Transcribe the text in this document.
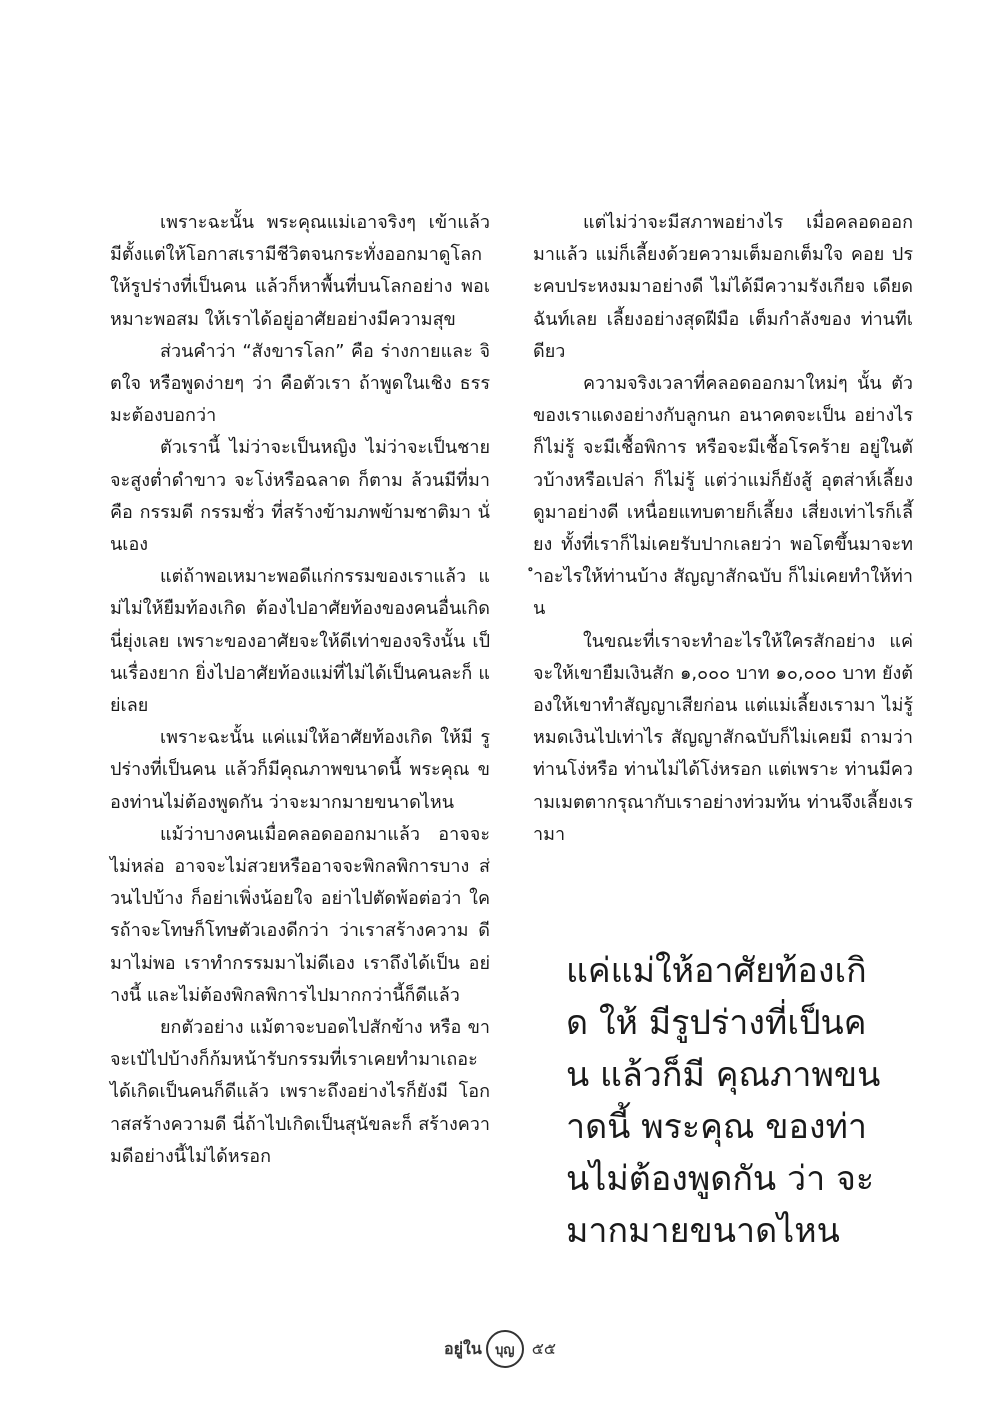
เพราะฉะนั้น พระคุณแม่เอาจริงๆ เข้าแล้ว มีตั้งแต่ให้โอกาสเรามีชีวิตจนกระทั่งออกมาดูโลก ให้รูปร่างที่เป็นคน แล้วก็หาพื้นที่บนโลกอย่าง พอเหมาะพอสม ให้เราได้อยู่อาศัยอย่างมีความสุข

ส่วนคำว่า “สังขารโลก” คือ ร่างกายและ จิตใจ หรือพูดง่ายๆ ว่า คือตัวเรา ถ้าพูดในเชิง ธรรมะต้องบอกว่า

ตัวเรานี้ ไม่ว่าจะเป็นหญิง ไม่ว่าจะเป็นชาย จะสูงต่ำดำขาว จะโง่หรือฉลาด ก็ตาม ล้วนมีที่มา คือ กรรมดี กรรมชั่ว ที่สร้างข้ามภพข้ามชาติมา นั่นเอง

แต่ถ้าพอเหมาะพอดีแก่กรรมของเราแล้ว แม่ไม่ให้ยืมท้องเกิด ต้องไปอาศัยท้องของคนอื่นเกิด นี่ยุ่งเลย เพราะของอาศัยจะให้ดีเท่าของจริงนั้น เป็นเรื่องยาก ยิ่งไปอาศัยท้องแม่ที่ไม่ได้เป็นคนละก็ แย่เลย

เพราะฉะนั้น แค่แม่ให้อาศัยท้องเกิด ให้มี รูปร่างที่เป็นคน แล้วก็มีคุณภาพขนาดนี้ พระคุณ ของท่านไม่ต้องพูดกัน ว่าจะมากมายขนาดไหน

แม้ว่าบางคนเมื่อคลอดออกมาแล้ว อาจจะ ไม่หล่อ อาจจะไม่สวยหรืออาจจะพิกลพิการบาง ส่วนไปบ้าง ก็อย่าเพิ่งน้อยใจ อย่าไปตัดพ้อต่อว่า ใครถ้าจะโทษก็โทษตัวเองดีกว่า ว่าเราสร้างความ ดีมาไม่พอ เราทำกรรมมาไม่ดีเอง เราถึงได้เป็น อย่างนี้ และไม่ต้องพิกลพิการไปมากกว่านี้ก็ดีแล้ว

ยกตัวอย่าง แม้ตาจะบอดไปสักข้าง หรือ ขาจะเป๋ไปบ้างก็ก้มหน้ารับกรรมที่เราเคยทำมาเถอะ ได้เกิดเป็นคนก็ดีแล้ว เพราะถึงอย่างไรก็ยังมี โอกาสสร้างความดี นี่ถ้าไปเกิดเป็นสุนัขละก็ สร้างความดีอย่างนี้ไม่ได้หรอก

แต่ไม่ว่าจะมีสภาพอย่างไร เมื่อคลอดออก มาแล้ว แม่ก็เลี้ยงด้วยความเต็มอกเต็มใจ คอย ประคบประหงมมาอย่างดี ไม่ได้มีความรังเกียจ เดียดฉันท์เลย เลี้ยงอย่างสุดฝีมือ เต็มกำลังของ ท่านทีเดียว

ความจริงเวลาที่คลอดออกมาใหม่ๆ นั้น ตัวของเราแดงอย่างกับลูกนก อนาคตจะเป็น อย่างไรก็ไม่รู้ จะมีเชื้อพิการ หรือจะมีเชื้อโรคร้าย อยู่ในตัวบ้างหรือเปล่า ก็ไม่รู้ แต่ว่าแม่ก็ยังสู้ อุตส่าห์เลี้ยงดูมาอย่างดี เหนื่อยแทบตายก็เลี้ยง เสี่ยงเท่าไรก็เลี้ยง ทั้งที่เราก็ไม่เคยรับปากเลยว่า พอโตขึ้นมาจะทำอะไรให้ท่านบ้าง สัญญาสักฉบับ ก็ไม่เคยทำให้ท่าน

ในขณะที่เราจะทำอะไรให้ใครสักอย่าง แค่จะให้เขายืมเงินสัก ๑,๐๐๐ บาท ๑๐,๐๐๐ บาท ยังต้องให้เขาทำสัญญาเสียก่อน แต่แม่เลี้ยงเรามา ไม่รู้หมดเงินไปเท่าไร สัญญาสักฉบับก็ไม่เคยมี ถามว่าท่านโง่หรือ ท่านไม่ได้โง่หรอก แต่เพราะ ท่านมีความเมตตากรุณากับเราอย่างท่วมท้น ท่านจึงเลี้ยงเรามา

แค่แม่ให้อาศัยท้องเกิด ให้ มีรูปร่างที่เป็นคน แล้วก็มี คุณภาพขนาดนี้ พระคุณ ของท่านไม่ต้องพูดกัน ว่า จะมากมายขนาดไหน

อยู่ใน	บุญ	๕๕
